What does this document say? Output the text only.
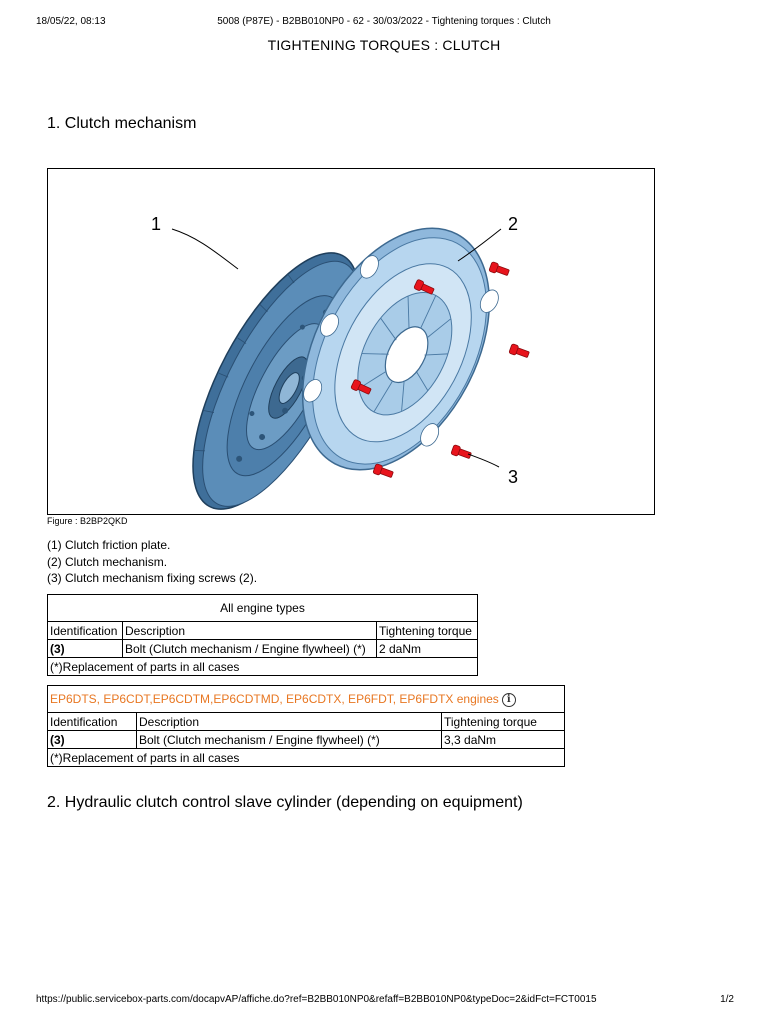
18/05/22, 08:13	5008 (P87E) - B2BB010NP0 - 62 - 30/03/2022 - Tightening torques : Clutch
TIGHTENING TORQUES : CLUTCH
1. Clutch mechanism
1	2
3
Figure : B2BP2QKD
(1) Clutch friction plate.
(2) Clutch mechanism.
(3) Clutch mechanism fixing screws (2).
All engine types		
Identification	Description	Tightening torque
(3)	Bolt (Clutch mechanism / Engine flywheel) (*)	2 daNm
(*)Replacement of parts in all cases		
EP6DTS, EP6CDT,EP6CDTM,EP6CDTMD, EP6CDTX, EP6FDT, EP6FDTX engines i		
Identification	Description	Tightening torque
(3)	Bolt (Clutch mechanism / Engine flywheel) (*)	3,3 daNm
(*)Replacement of parts in all cases		
2. Hydraulic clutch control slave cylinder (depending on equipment)
https://public.servicebox-parts.com/docapvAP/affiche.do?ref=B2BB010NP0&refaff=B2BB010NP0&typeDoc=2&idFct=FCT0015	1/2
